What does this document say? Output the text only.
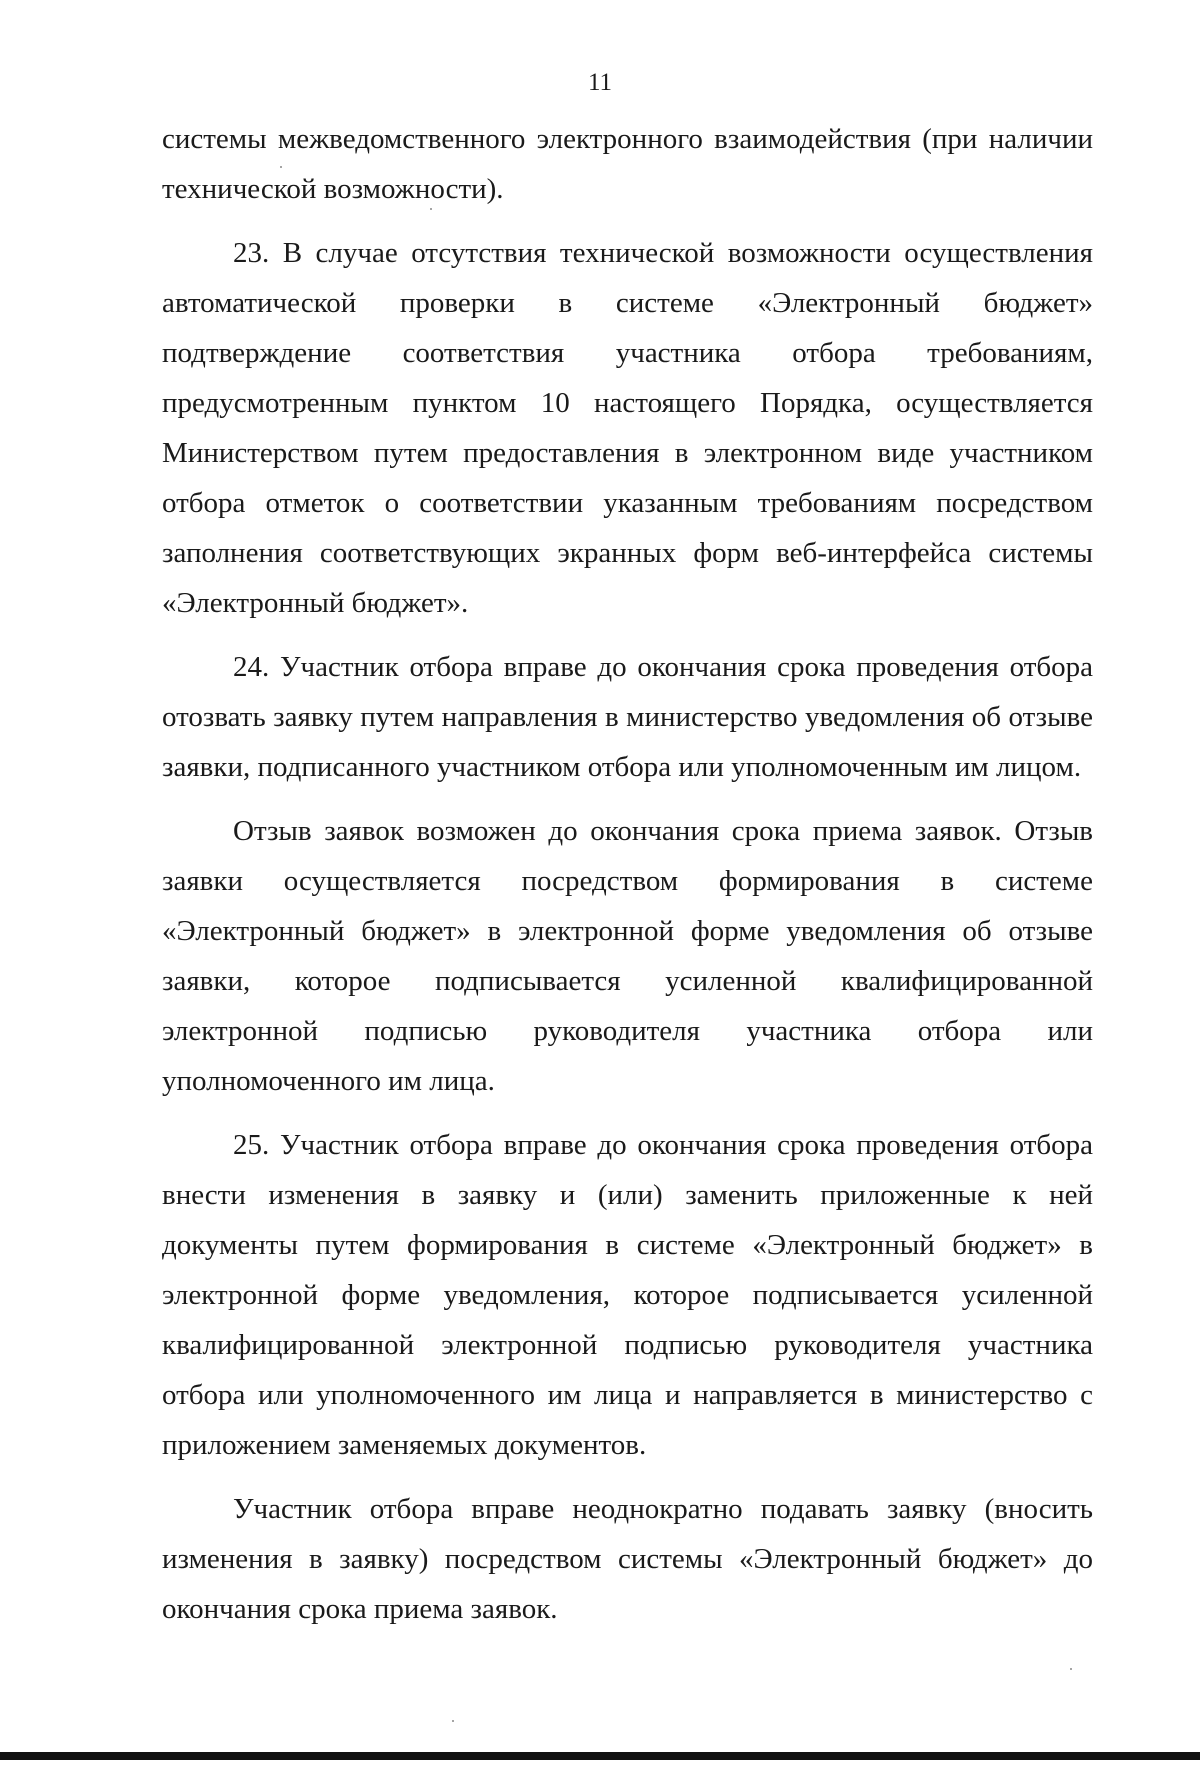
11

системы межведомственного электронного взаимодействия (при наличии технической возможности).

23. В случае отсутствия технической возможности осуществления автоматической проверки в системе «Электронный бюджет» подтверждение соответствия участника отбора требованиям, предусмотренным пунктом 10 настоящего Порядка, осуществляется Министерством путем предоставления в электронном виде участником отбора отметок о соответствии указанным требованиям посредством заполнения соответствующих экранных форм веб-интерфейса системы «Электронный бюджет».

24. Участник отбора вправе до окончания срока проведения отбора отозвать заявку путем направления в министерство уведомления об отзыве заявки, подписанного участником отбора или уполномоченным им лицом.

Отзыв заявок возможен до окончания срока приема заявок. Отзыв заявки осуществляется посредством формирования в системе «Электронный бюджет» в электронной форме уведомления об отзыве заявки, которое подписывается усиленной квалифицированной электронной подписью руководителя участника отбора или уполномоченного им лица.

25. Участник отбора вправе до окончания срока проведения отбора внести изменения в заявку и (или) заменить приложенные к ней документы путем формирования в системе «Электронный бюджет» в электронной форме уведомления, которое подписывается усиленной квалифицированной электронной подписью руководителя участника отбора или уполномоченного им лица и направляется в министерство с приложением заменяемых документов.

Участник отбора вправе неоднократно подавать заявку (вносить изменения в заявку) посредством системы «Электронный бюджет» до окончания срока приема заявок.
